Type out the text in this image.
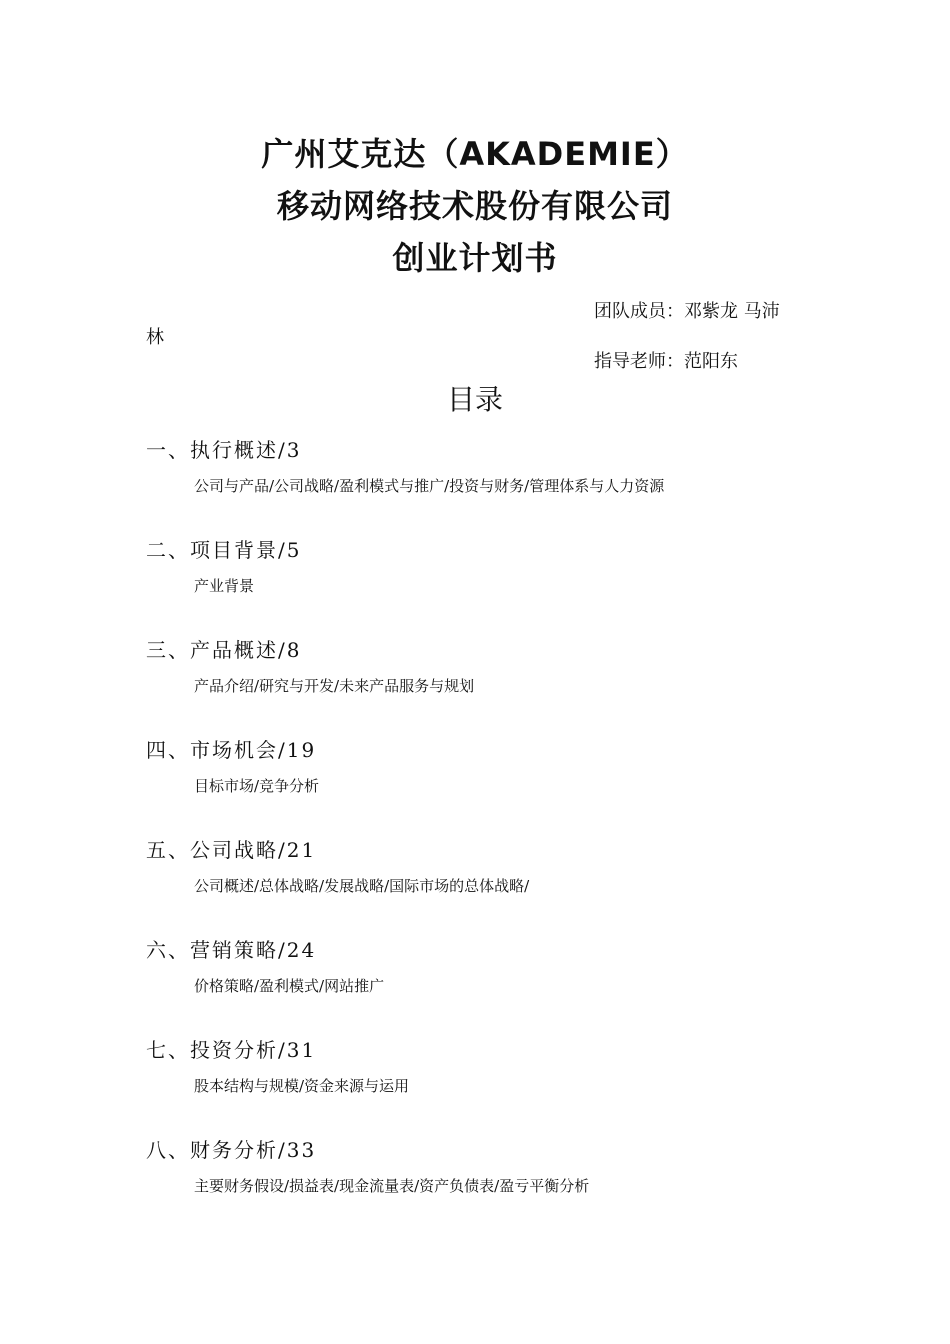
广州艾克达（AKADEMIE）
移动网络技术股份有限公司
创业计划书
团队成员：邓紫龙 马沛
林
指导老师：范阳东
目录
一、执行概述/3
公司与产品/公司战略/盈利模式与推广/投资与财务/管理体系与人力资源
二、项目背景/5
产业背景
三、产品概述/8
产品介绍/研究与开发/未来产品服务与规划
四、市场机会/19
目标市场/竞争分析
五、公司战略/21
公司概述/总体战略/发展战略/国际市场的总体战略/
六、营销策略/24
价格策略/盈利模式/网站推广
七、投资分析/31
股本结构与规模/资金来源与运用
八、财务分析/33
主要财务假设/损益表/现金流量表/资产负债表/盈亏平衡分析
